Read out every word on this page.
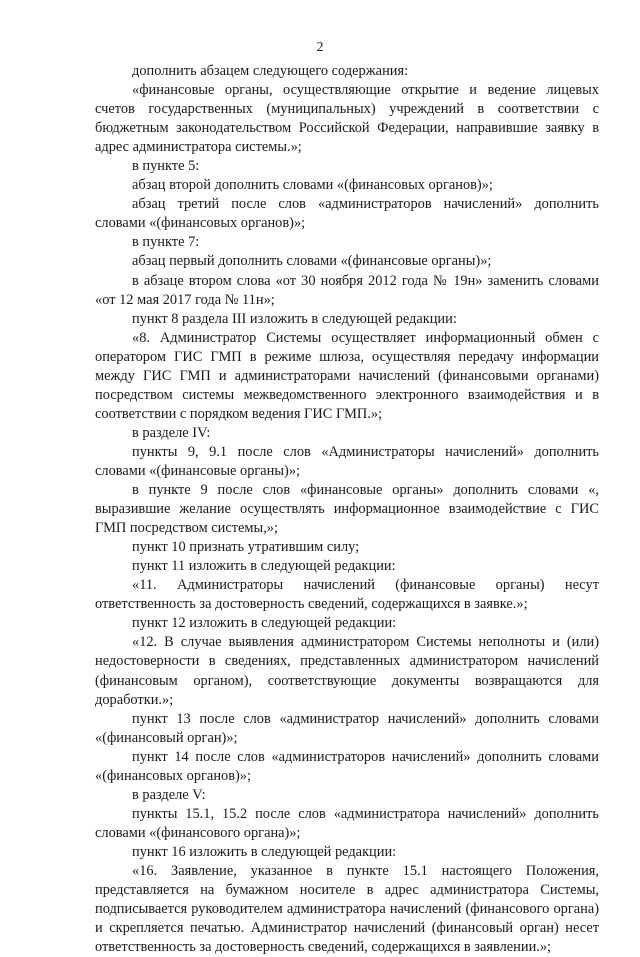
2

дополнить абзацем следующего содержания:

«финансовые органы, осуществляющие открытие и ведение лицевых счетов государственных (муниципальных) учреждений в соответствии с бюджетным законодательством Российской Федерации, направившие заявку в адрес администратора системы.»;

в пункте 5:

абзац второй дополнить словами «(финансовых органов)»;

абзац третий после слов «администраторов начислений» дополнить словами «(финансовых органов)»;

в пункте 7:

абзац первый дополнить словами «(финансовые органы)»;

в абзаце втором слова «от 30 ноября 2012 года № 19н» заменить словами «от 12 мая 2017 года № 11н»;

пункт 8 раздела III изложить в следующей редакции:

«8. Администратор Системы осуществляет информационный обмен с оператором ГИС ГМП в режиме шлюза, осуществляя передачу информации между ГИС ГМП и администраторами начислений (финансовыми органами) посредством системы межведомственного электронного взаимодействия и в соответствии с порядком ведения ГИС ГМП.»;

в разделе IV:

пункты 9, 9.1 после слов «Администраторы начислений» дополнить словами «(финансовые органы)»;

в пункте 9 после слов «финансовые органы» дополнить словами «, выразившие желание осуществлять информационное взаимодействие с ГИС ГМП посредством системы,»;

пункт 10 признать утратившим силу;

пункт 11 изложить в следующей редакции:

«11. Администраторы начислений (финансовые органы) несут ответственность за достоверность сведений, содержащихся в заявке.»;

пункт 12 изложить в следующей редакции:

«12. В случае выявления администратором Системы неполноты и (или) недостоверности в сведениях, представленных администратором начислений (финансовым органом), соответствующие документы возвращаются для доработки.»;

пункт 13 после слов «администратор начислений» дополнить словами «(финансовый орган)»;

пункт 14 после слов «администраторов начислений» дополнить словами «(финансовых органов)»;

в разделе V:

пункты 15.1, 15.2 после слов «администратора начислений» дополнить словами «(финансового органа)»;

пункт 16 изложить в следующей редакции:

«16. Заявление, указанное в пункте 15.1 настоящего Положения, представляется на бумажном носителе в адрес администратора Системы, подписывается руководителем администратора начислений (финансового органа) и скрепляется печатью. Администратор начислений (финансовый орган) несет ответственность за достоверность сведений, содержащихся в заявлении.»;
